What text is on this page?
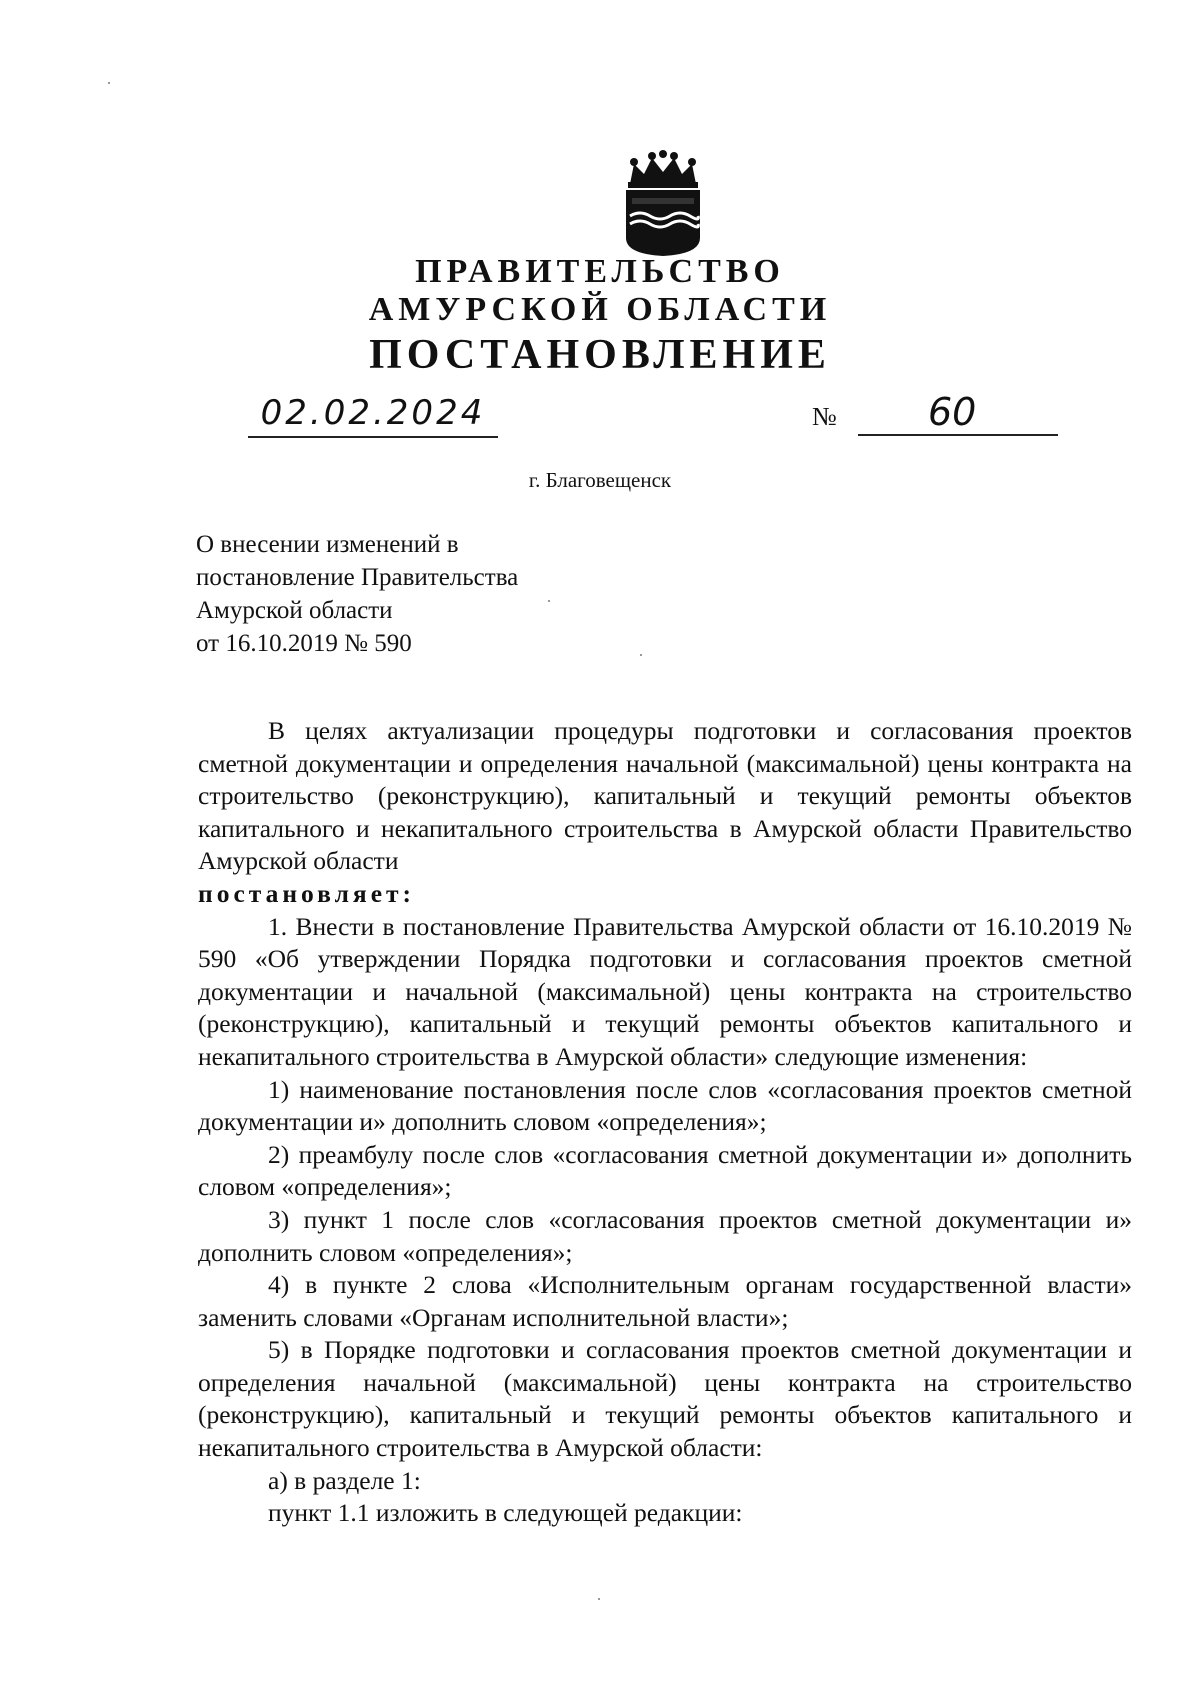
ПРАВИТЕЛЬСТВО
АМУРСКОЙ ОБЛАСТИ
ПОСТАНОВЛЕНИЕ
02.02.2024	№	60
г. Благовещенск
О внесении изменений в
постановление Правительства
Амурской области
от 16.10.2019 № 590

В целях актуализации процедуры подготовки и согласования проектов сметной документации и определения начальной (максимальной) цены контракта на строительство (реконструкцию), капитальный и текущий ремонты объектов капитального и некапитального строительства в Амурской области Правительство Амурской области

постановляет:

1. Внести в постановление Правительства Амурской области от 16.10.2019 № 590 «Об утверждении Порядка подготовки и согласования проектов сметной документации и начальной (максимальной) цены контракта на строительство (реконструкцию), капитальный и текущий ремонты объектов капитального и некапитального строительства в Амурской области» следующие изменения:

1) наименование постановления после слов «согласования проектов сметной документации и» дополнить словом «определения»;

2) преамбулу после слов «согласования сметной документации и» дополнить словом «определения»;

3) пункт 1 после слов «согласования проектов сметной документации и» дополнить словом «определения»;

4) в пункте 2 слова «Исполнительным органам государственной власти» заменить словами «Органам исполнительной власти»;

5) в Порядке подготовки и согласования проектов сметной документации и определения начальной (максимальной) цены контракта на строительство (реконструкцию), капитальный и текущий ремонты объектов капитального и некапитального строительства в Амурской области:

а) в разделе 1:

пункт 1.1 изложить в следующей редакции:
